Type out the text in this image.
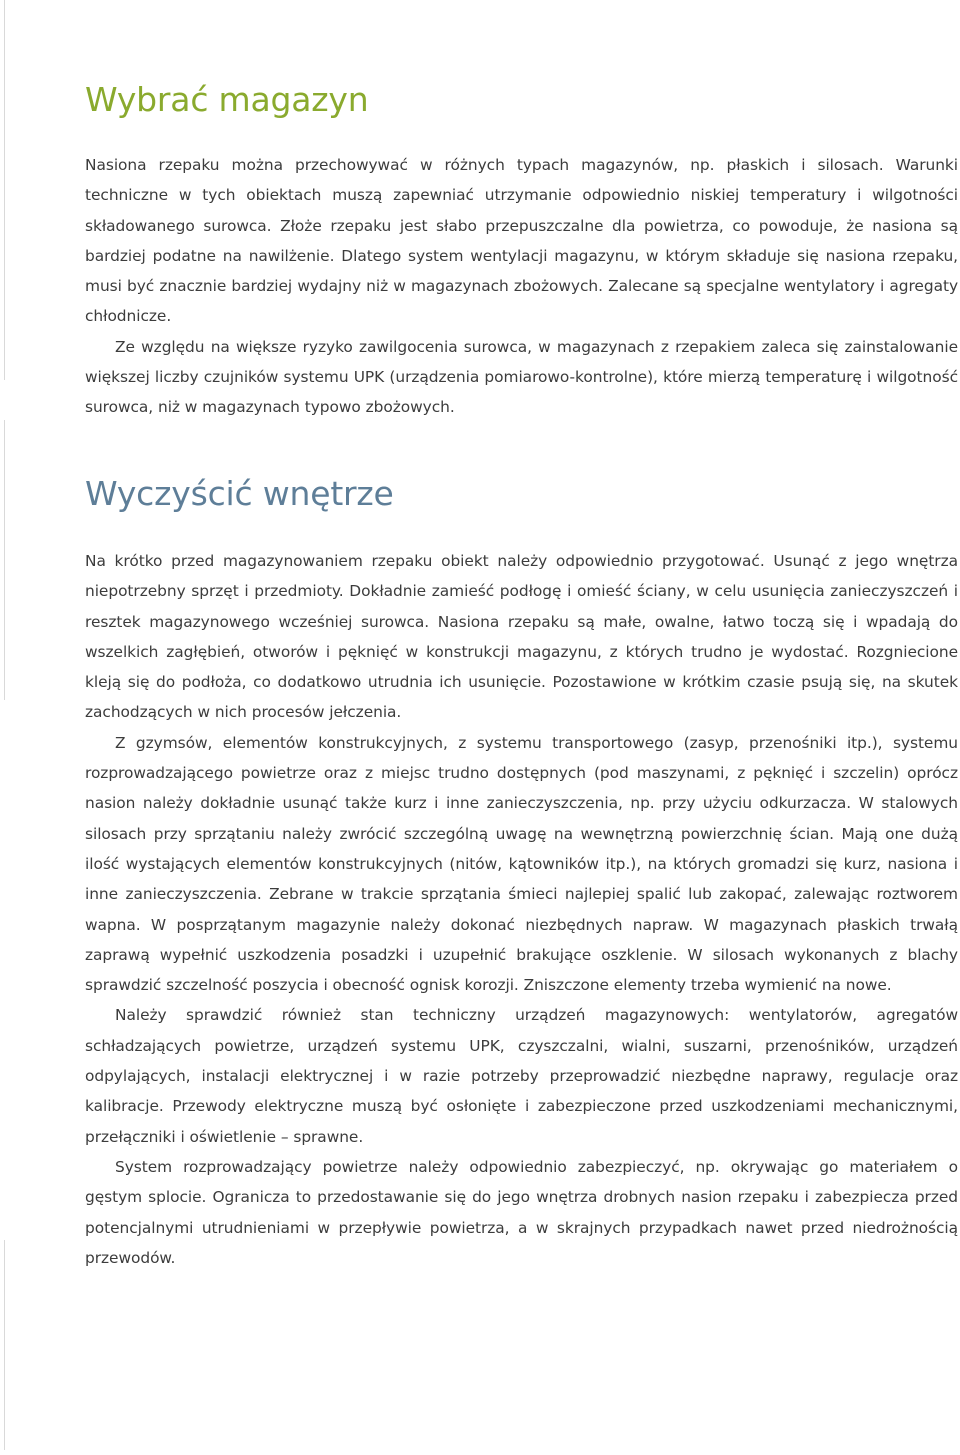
Wybrać magazyn

Nasiona rzepaku można przechowywać w różnych typach magazynów, np. płaskich i silosach. Warunki techniczne w tych obiektach muszą zapewniać utrzymanie odpowiednio niskiej temperatury i wilgotności składowanego surowca. Złoże rzepaku jest słabo przepuszczalne dla powietrza, co powoduje, że nasiona są bardziej podatne na nawilżenie. Dlatego system wentylacji magazynu, w którym składuje się nasiona rzepaku, musi być znacznie bardziej wydajny niż w magazynach zbożowych. Zalecane są specjalne wentylatory i agregaty chłodnicze.

Ze względu na większe ryzyko zawilgocenia surowca, w magazynach z rzepakiem zaleca się zainstalowanie większej liczby czujników systemu UPK (urządzenia pomiarowo-kontrolne), które mierzą temperaturę i wilgotność surowca, niż w magazynach typowo zbożowych.

Wyczyścić wnętrze

Na krótko przed magazynowaniem rzepaku obiekt należy odpowiednio przygotować. Usunąć z jego wnętrza niepotrzebny sprzęt i przedmioty. Dokładnie zamieść podłogę i omieść ściany, w celu usunięcia zanieczyszczeń i resztek magazynowego wcześniej surowca. Nasiona rzepaku są małe, owalne, łatwo toczą się i wpadają do wszelkich zagłębień, otworów i pęknięć w konstrukcji magazynu, z których trudno je wydostać. Rozgniecione kleją się do podłoża, co dodatkowo utrudnia ich usunięcie. Pozostawione w krótkim czasie psują się, na skutek zachodzących w nich procesów jełczenia.

Z gzymsów, elementów konstrukcyjnych, z systemu transportowego (zasyp, przenośniki itp.), systemu rozprowadzającego powietrze oraz z miejsc trudno dostępnych (pod maszynami, z pęknięć i szczelin) oprócz nasion należy dokładnie usunąć także kurz i inne zanieczyszczenia, np. przy użyciu odkurzacza. W stalowych silosach przy sprzątaniu należy zwrócić szczególną uwagę na wewnętrzną powierzchnię ścian. Mają one dużą ilość wystających elementów konstrukcyjnych (nitów, kątowników itp.), na których gromadzi się kurz, nasiona i inne zanieczyszczenia. Zebrane w trakcie sprzątania śmieci najlepiej spalić lub zakopać, zalewając roztworem wapna. W posprzątanym magazynie należy dokonać niezbędnych napraw. W magazynach płaskich trwałą zaprawą wypełnić uszkodzenia posadzki i uzupełnić brakujące oszklenie. W silosach wykonanych z blachy sprawdzić szczelność poszycia i obecność ognisk korozji. Zniszczone elementy trzeba wymienić na nowe.

Należy sprawdzić również stan techniczny urządzeń magazynowych: wentylatorów, agregatów schładzających powietrze, urządzeń systemu UPK, czyszczalni, wialni, suszarni, przenośników, urządzeń odpylających, instalacji elektrycznej i w razie potrzeby przeprowadzić niezbędne naprawy, regulacje oraz kalibracje. Przewody elektryczne muszą być osłonięte i zabezpieczone przed uszkodzeniami mechanicznymi, przełączniki i oświetlenie – sprawne.

System rozprowadzający powietrze należy odpowiednio zabezpieczyć, np. okrywając go materiałem o gęstym splocie. Ogranicza to przedostawanie się do jego wnętrza drobnych nasion rzepaku i zabezpiecza przed potencjalnymi utrudnieniami w przepływie powietrza, a w skrajnych przypadkach nawet przed niedrożnością przewodów.
